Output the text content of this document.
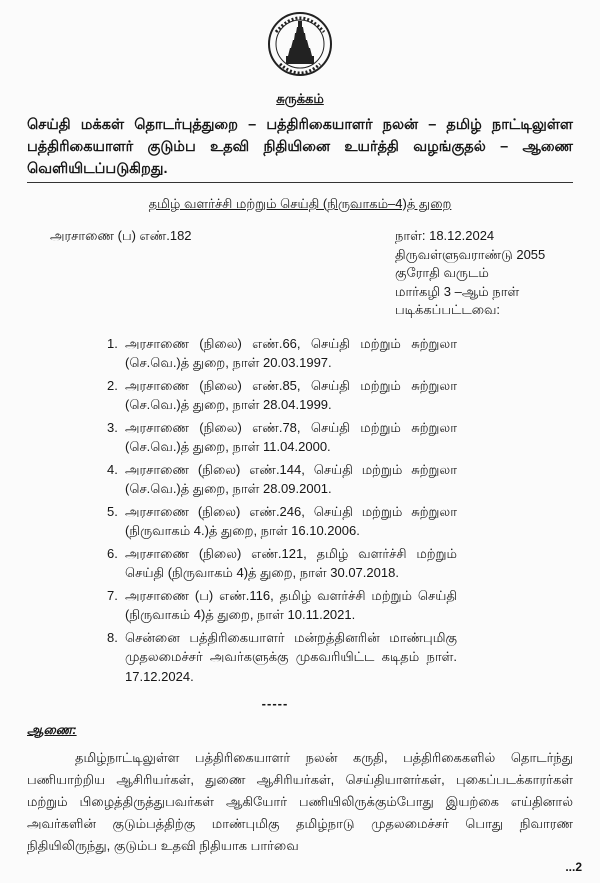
சுருக்கம்
செய்தி மக்கள் தொடர்புத்துறை – பத்திரிகையாளர் நலன் – தமிழ் நாட்டிலுள்ள பத்திரிகையாளர் குடும்ப உதவி நிதியினை உயர்த்தி வழங்குதல் – ஆணை வெளியிடப்படுகிறது.
தமிழ் வளர்ச்சி மற்றும் செய்தி (நிருவாகம்–4)த் துறை
அரசாணை (ப) எண்.182	நாள்: 18.12.2024
திருவள்ளுவராண்டு 2055
குரோதி வருடம்
மார்கழி 3 –ஆம் நாள்
படிக்கப்பட்டவை:
1. அரசாணை (நிலை) எண்.66, செய்தி மற்றும் சுற்றுலா (செ.வெ.)த் துறை, நாள் 20.03.1997.
2. அரசாணை (நிலை) எண்.85, செய்தி மற்றும் சுற்றுலா (செ.வெ.)த் துறை, நாள் 28.04.1999.
3. அரசாணை (நிலை) எண்.78, செய்தி மற்றும் சுற்றுலா (செ.வெ.)த் துறை, நாள் 11.04.2000.
4. அரசாணை (நிலை) எண்.144, செய்தி மற்றும் சுற்றுலா (செ.வெ.)த் துறை, நாள் 28.09.2001.
5. அரசாணை (நிலை) எண்.246, செய்தி மற்றும் சுற்றுலா (நிருவாகம் 4.)த் துறை, நாள் 16.10.2006.
6. அரசாணை (நிலை) எண்.121, தமிழ் வளர்ச்சி மற்றும் செய்தி (நிருவாகம் 4)த் துறை, நாள் 30.07.2018.
7. அரசாணை (ப) எண்.116, தமிழ் வளர்ச்சி மற்றும் செய்தி (நிருவாகம் 4)த் துறை, நாள் 10.11.2021.
8. சென்னை பத்திரிகையாளர் மன்றத்தினரின் மாண்புமிகு முதலமைச்சர் அவர்களுக்கு முகவரியிட்ட கடிதம் நாள். 17.12.2024.
-----
ஆணை:
தமிழ்நாட்டிலுள்ள பத்திரிகையாளர் நலன் கருதி, பத்திரிகைகளில் தொடர்ந்து பணியாற்றிய ஆசிரியர்கள், துணை ஆசிரியர்கள், செய்தியாளர்கள், புகைப்படக்காரர்கள் மற்றும் பிழைத்திருத்துபவர்கள் ஆகியோர் பணியிலிருக்கும்போது இயற்கை எய்தினால் அவர்களின் குடும்பத்திற்கு மாண்புமிகு தமிழ்நாடு முதலமைச்சர் பொது நிவாரண நிதியிலிருந்து, குடும்ப உதவி நிதியாக பார்வை
...2
